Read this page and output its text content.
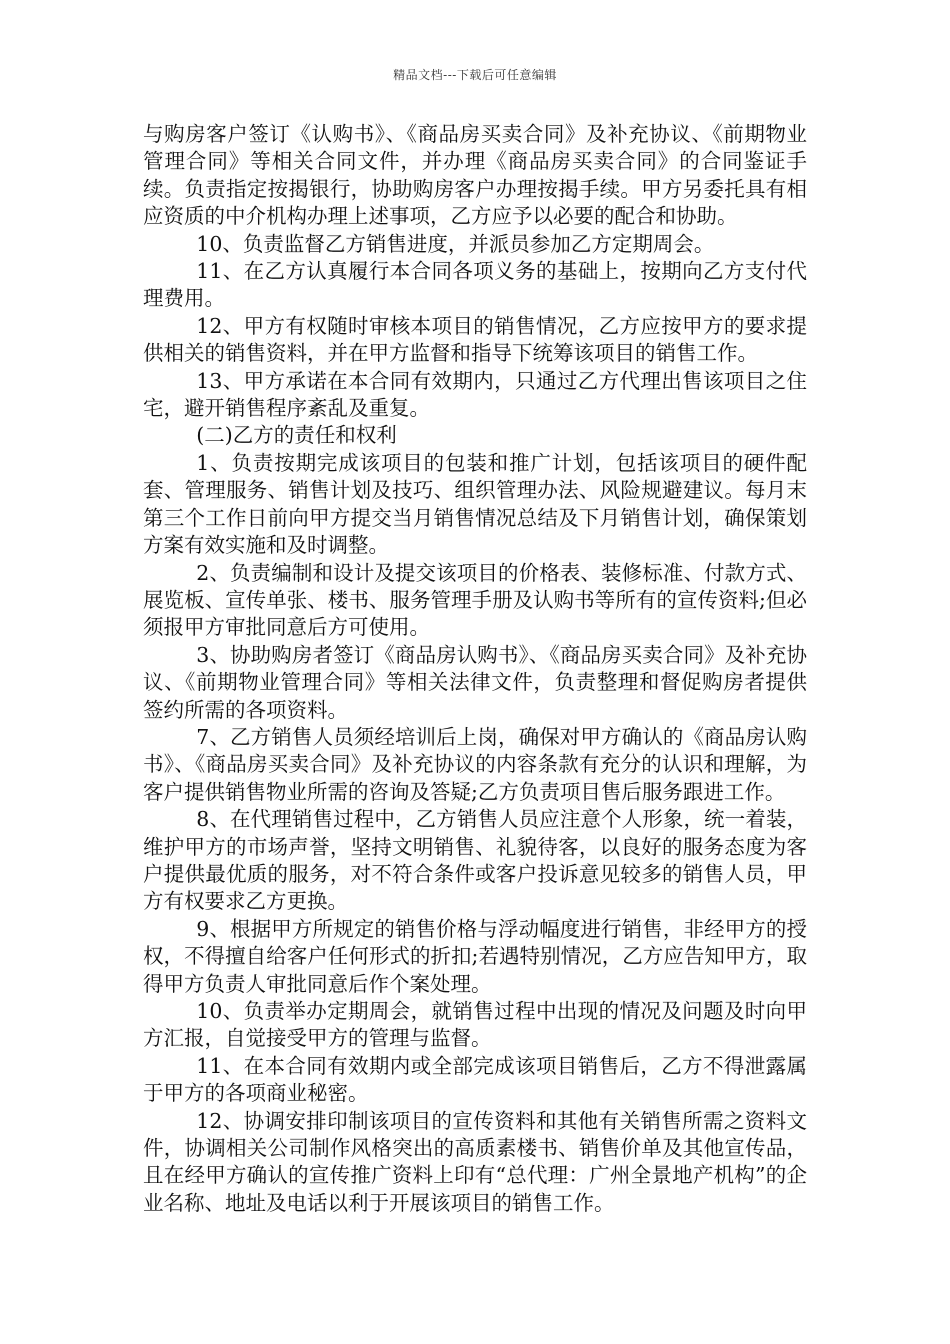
精品文档---下载后可任意编辑

与购房客户签订《认购书》、《商品房买卖合同》及补充协议、《前期物业管理合同》等相关合同文件，并办理《商品房买卖合同》的合同鉴证手续。负责指定按揭银行，协助购房客户办理按揭手续。甲方另委托具有相应资质的中介机构办理上述事项，乙方应予以必要的配合和协助。

10、负责监督乙方销售进度，并派员参加乙方定期周会。

11、在乙方认真履行本合同各项义务的基础上，按期向乙方支付代理费用。

12、甲方有权随时审核本项目的销售情况，乙方应按甲方的要求提供相关的销售资料，并在甲方监督和指导下统筹该项目的销售工作。

13、甲方承诺在本合同有效期内，只通过乙方代理出售该项目之住宅，避开销售程序紊乱及重复。

(二)乙方的责任和权利

1、负责按期完成该项目的包装和推广计划，包括该项目的硬件配套、管理服务、销售计划及技巧、组织管理办法、风险规避建议。每月末第三个工作日前向甲方提交当月销售情况总结及下月销售计划，确保策划方案有效实施和及时调整。

2、负责编制和设计及提交该项目的价格表、装修标准、付款方式、展览板、宣传单张、楼书、服务管理手册及认购书等所有的宣传资料;但必须报甲方审批同意后方可使用。

3、协助购房者签订《商品房认购书》、《商品房买卖合同》及补充协议、《前期物业管理合同》等相关法律文件，负责整理和督促购房者提供签约所需的各项资料。

7、乙方销售人员须经培训后上岗，确保对甲方确认的《商品房认购书》、《商品房买卖合同》及补充协议的内容条款有充分的认识和理解，为客户提供销售物业所需的咨询及答疑;乙方负责项目售后服务跟进工作。

8、在代理销售过程中，乙方销售人员应注意个人形象，统一着装，维护甲方的市场声誉，坚持文明销售、礼貌待客，以良好的服务态度为客户提供最优质的服务，对不符合条件或客户投诉意见较多的销售人员，甲方有权要求乙方更换。

9、根据甲方所规定的销售价格与浮动幅度进行销售，非经甲方的授权，不得擅自给客户任何形式的折扣;若遇特别情况，乙方应告知甲方，取得甲方负责人审批同意后作个案处理。

10、负责举办定期周会，就销售过程中出现的情况及问题及时向甲方汇报，自觉接受甲方的管理与监督。

11、在本合同有效期内或全部完成该项目销售后，乙方不得泄露属于甲方的各项商业秘密。

12、协调安排印制该项目的宣传资料和其他有关销售所需之资料文件，协调相关公司制作风格突出的高质素楼书、销售价单及其他宣传品，且在经甲方确认的宣传推广资料上印有“总代理：广州全景地产机构”的企业名称、地址及电话以利于开展该项目的销售工作。
